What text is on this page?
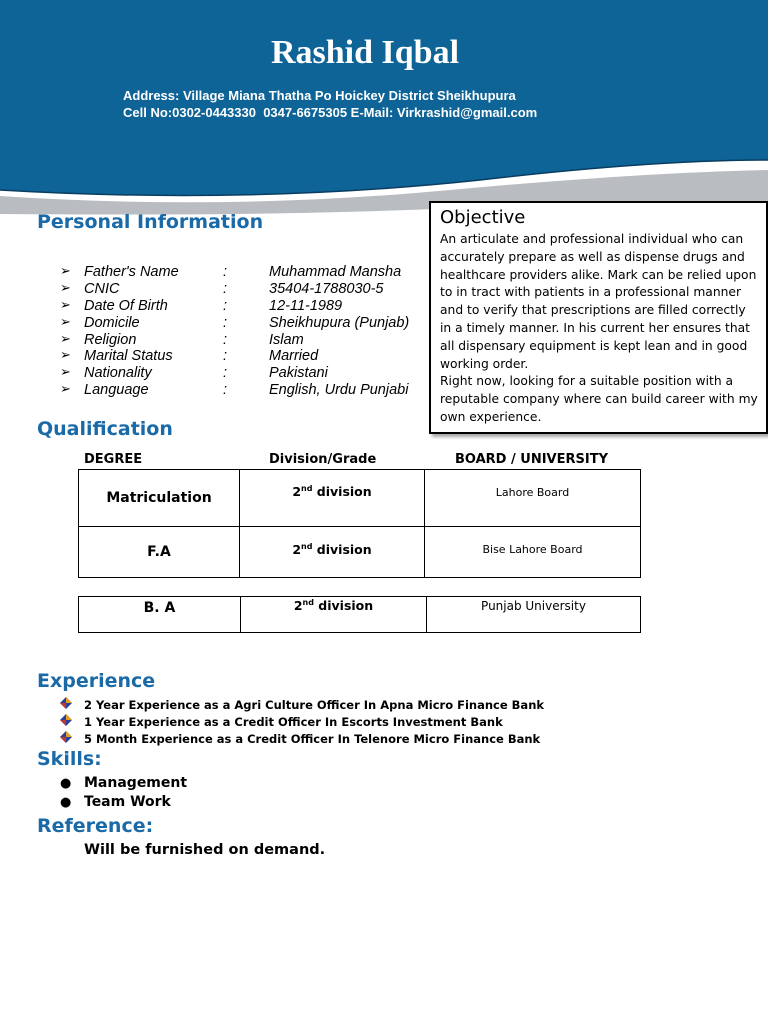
Rashid Iqbal
Address: Village Miana Thatha Po Hoickey District Sheikhupura
Cell No:0302-0443330  0347-6675305 E-Mail: Virkrashid@gmail.com
Personal Information
➢ Father's Name	:	Muhammad Mansha
➢ CNIC	:	35404-1788030-5
➢ Date Of Birth	:	12-11-1989
➢ Domicile	:	Sheikhupura (Punjab)
➢ Religion	:	Islam
➢ Marital Status	:	Married
➢ Nationality	:	Pakistani
➢ Language	:	English, Urdu Punjabi
Objective

An articulate and professional individual who can accurately prepare as well as dispense drugs and healthcare providers alike. Mark can be relied upon to in tract with patients in a professional manner and to verify that prescriptions are filled correctly in a timely manner. In his current her ensures that all dispensary equipment is kept lean and in good working order.

Right now, looking for a suitable position with a reputable company where can build career with my own experience.

Qualification
DEGREE	Division/Grade	BOARD / UNIVERSITY
Matriculation	2nd division	Lahore Board
F.A	2nd division	Bise Lahore Board
B. A	2nd division	Punjab University
Experience
2 Year Experience as a Agri Culture Officer In Apna Micro Finance Bank
1 Year Experience as a Credit Officer In Escorts Investment Bank
5 Month Experience as a Credit Officer In Telenore Micro Finance Bank
Skills:
● Management
● Team Work
Reference:
Will be furnished on demand.
